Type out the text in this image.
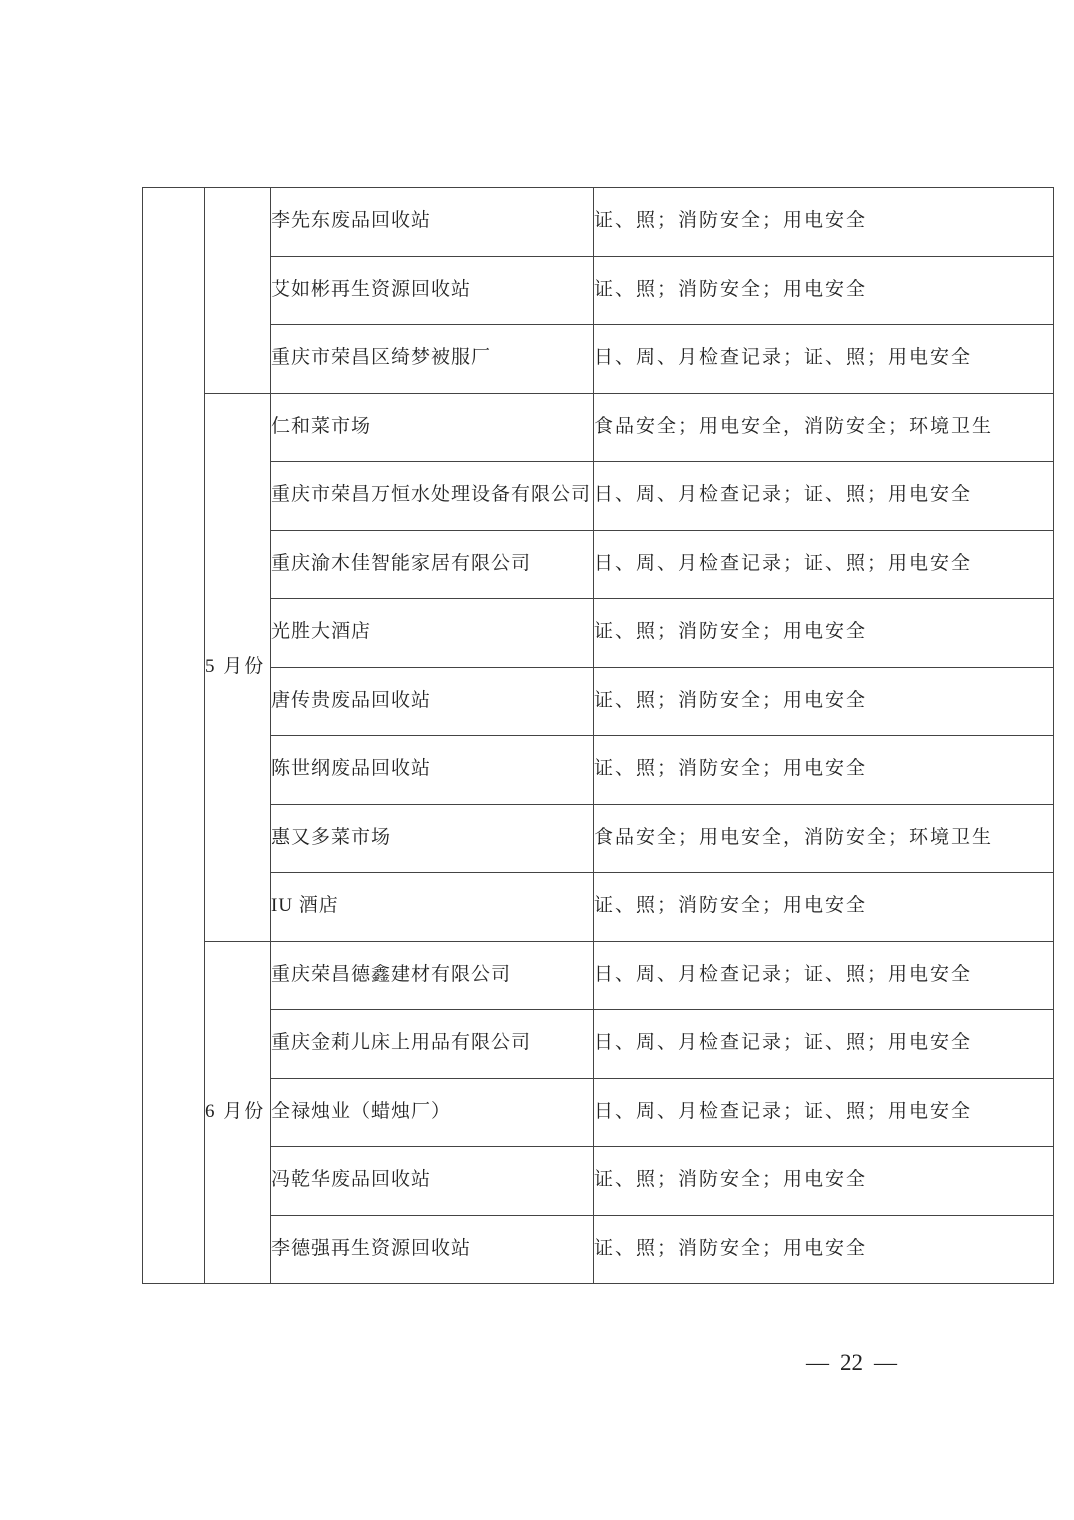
		李先东废品回收站	证、照；消防安全；用电安全
		艾如彬再生资源回收站	证、照；消防安全；用电安全
		重庆市荣昌区绮梦被服厂	日、周、月检查记录；证、照；用电安全
	5 月份	仁和菜市场	食品安全；用电安全，消防安全；环境卫生
		重庆市荣昌万恒水处理设备有限公司	日、周、月检查记录；证、照；用电安全
		重庆渝木佳智能家居有限公司	日、周、月检查记录；证、照；用电安全
		光胜大酒店	证、照；消防安全；用电安全
		唐传贵废品回收站	证、照；消防安全；用电安全
		陈世纲废品回收站	证、照；消防安全；用电安全
		惠又多菜市场	食品安全；用电安全，消防安全；环境卫生
		IU 酒店	证、照；消防安全；用电安全
	6 月份	重庆荣昌德鑫建材有限公司	日、周、月检查记录；证、照；用电安全
		重庆金莉儿床上用品有限公司	日、周、月检查记录；证、照；用电安全
		全禄烛业（蜡烛厂）	日、周、月检查记录；证、照；用电安全
		冯乾华废品回收站	证、照；消防安全；用电安全
		李德强再生资源回收站	证、照；消防安全；用电安全
— 22 —
